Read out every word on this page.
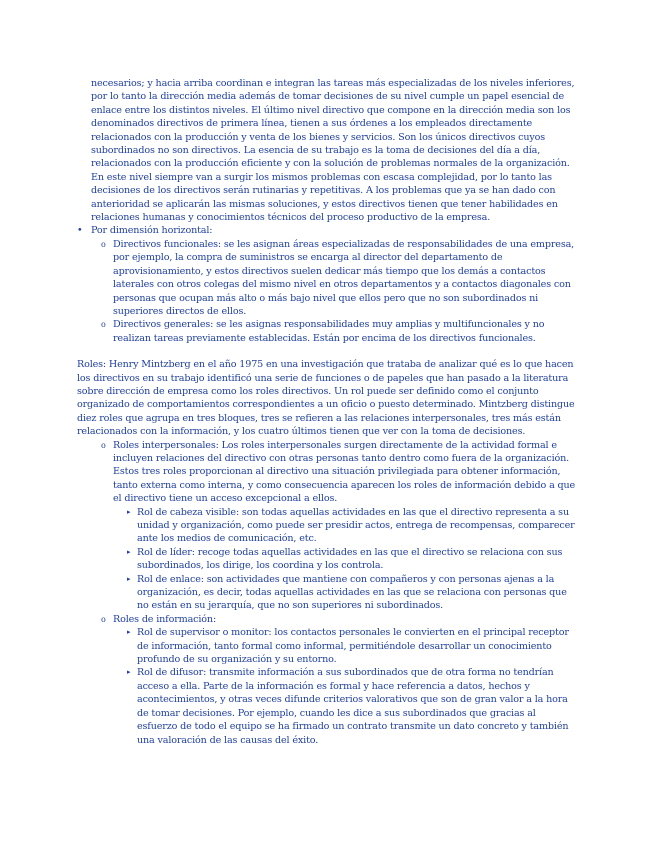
necesarios; y hacia arriba coordinan e integran las tareas más especializadas de los niveles inferiores, por lo tanto la dirección media además de tomar decisiones de su nivel cumple un papel esencial de enlace entre los distintos niveles. El último nivel directivo que compone en la dirección media son los denominados directivos de primera línea, tienen a sus órdenes a los empleados directamente relacionados con la producción y venta de los bienes y servicios. Son los únicos directivos cuyos subordinados no son directivos. La esencia de su trabajo es la toma de decisiones del día a día, relacionados con la producción eficiente y con la solución de problemas normales de la organización. En este nivel siempre van a surgir los mismos problemas con escasa complejidad, por lo tanto las decisiones de los directivos serán rutinarias y repetitivas. A los problemas que ya se han dado con anterioridad se aplicarán las mismas soluciones, y estos directivos tienen que tener habilidades en relaciones humanas y conocimientos técnicos del proceso productivo de la empresa.

• Por dimensión horizontal:
o Directivos funcionales: se les asignan áreas especializadas de responsabilidades de una empresa, por ejemplo, la compra de suministros se encarga al director del departamento de aprovisionamiento, y estos directivos suelen dedicar más tiempo que los demás a contactos laterales con otros colegas del mismo nivel en otros departamentos y a contactos diagonales con personas que ocupan más alto o más bajo nivel que ellos pero que no son subordinados ni superiores directos de ellos.
o Directivos generales: se les asignas responsabilidades muy amplias y multifuncionales y no realizan tareas previamente establecidas. Están por encima de los directivos funcionales.

Roles: Henry Mintzberg en el año 1975 en una investigación que trataba de analizar qué es lo que hacen los directivos en su trabajo identificó una serie de funciones o de papeles que han pasado a la literatura sobre dirección de empresa como los roles directivos. Un rol puede ser definido como el conjunto organizado de comportamientos correspondientes a un oficio o puesto determinado. Mintzberg distingue diez roles que agrupa en tres bloques, tres se refieren a las relaciones interpersonales, tres más están relacionados con la información, y los cuatro últimos tienen que ver con la toma de decisiones.

o Roles interpersonales: Los roles interpersonales surgen directamente de la actividad formal e incluyen relaciones del directivo con otras personas tanto dentro como fuera de la organización. Estos tres roles proporcionan al directivo una situación privilegiada para obtener información, tanto externa como interna, y como consecuencia aparecen los roles de información debido a que el directivo tiene un acceso excepcional a ellos.
▸ Rol de cabeza visible: son todas aquellas actividades en las que el directivo representa a su unidad y organización, como puede ser presidir actos, entrega de recompensas, comparecer ante los medios de comunicación, etc.
▸ Rol de líder: recoge todas aquellas actividades en las que el directivo se relaciona con sus subordinados, los dirige, los coordina y los controla.
▸ Rol de enlace: son actividades que mantiene con compañeros y con personas ajenas a la organización, es decir, todas aquellas actividades en las que se relaciona con personas que no están en su jerarquía, que no son superiores ni subordinados.
o Roles de información:
▸ Rol de supervisor o monitor: los contactos personales le convierten en el principal receptor de información, tanto formal como informal, permitiéndole desarrollar un conocimiento profundo de su organización y su entorno.
▸ Rol de difusor: transmite información a sus subordinados que de otra forma no tendrían acceso a ella. Parte de la información es formal y hace referencia a datos, hechos y acontecimientos, y otras veces difunde criterios valorativos que son de gran valor a la hora de tomar decisiones. Por ejemplo, cuando les dice a sus subordinados que gracias al esfuerzo de todo el equipo se ha firmado un contrato transmite un dato concreto y también una valoración de las causas del éxito.
